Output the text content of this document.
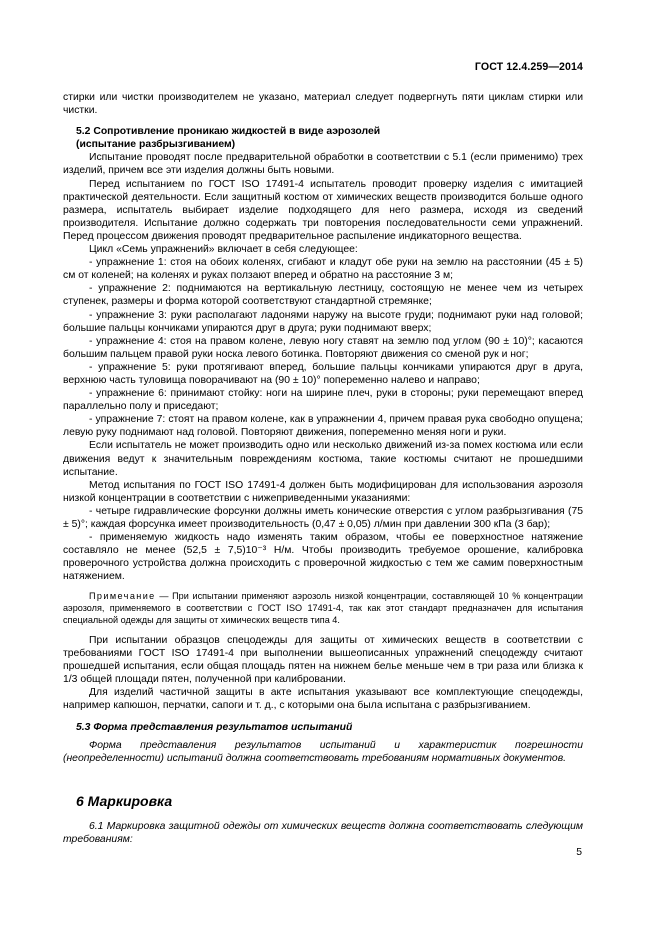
ГОСТ 12.4.259—2014

стирки или чистки производителем не указано, материал следует подвергнуть пяти циклам стирки или чистки.

5.2 Сопротивление проникаю жидкостей в виде аэрозолей

(испытание разбрызгиванием)

Испытание проводят после предварительной обработки в соответствии с 5.1 (если применимо) трех изделий, причем все эти изделия должны быть новыми.

Перед испытанием по ГОСТ ISO 17491-4 испытатель проводит проверку изделия с имитацией практической деятельности. Если защитный костюм от химических веществ производится больше одного размера, испытатель выбирает изделие подходящего для него размера, исходя из сведений производителя. Испытание должно содержать три повторения последовательности семи упражнений. Перед процессом движения проводят предварительное распыление индикаторного вещества.

Цикл «Семь упражнений» включает в себя следующее:

- упражнение 1: стоя на обоих коленях, сгибают и кладут обе руки на землю на расстоянии (45 ± 5) см от коленей; на коленях и руках ползают вперед и обратно на расстояние 3 м;

- упражнение 2: поднимаются на вертикальную лестницу, состоящую не менее чем из четырех ступенек, размеры и форма которой соответствуют стандартной стремянке;

- упражнение 3: руки располагают ладонями наружу на высоте груди; поднимают руки над головой; большие пальцы кончиками упираются друг в друга; руки поднимают вверх;

- упражнение 4: стоя на правом колене, левую ногу ставят на землю под углом (90 ± 10)°; касаются большим пальцем правой руки носка левого ботинка. Повторяют движения со сменой рук и ног;

- упражнение 5: руки протягивают вперед, большие пальцы кончиками упираются друг в друга, верхнюю часть туловища поворачивают на (90 ± 10)° попеременно налево и направо;

- упражнение 6: принимают стойку: ноги на ширине плеч, руки в стороны; руки перемещают вперед параллельно полу и приседают;

- упражнение 7: стоят на правом колене, как в упражнении 4, причем правая рука свободно опущена; левую руку поднимают над головой. Повторяют движения, попеременно меняя ноги и руки.

Если испытатель не может производить одно или несколько движений из-за помех костюма или если движения ведут к значительным повреждениям костюма, такие костюмы считают не прошедшими испытание.

Метод испытания по ГОСТ ISO 17491-4 должен быть модифицирован для использования аэрозоля низкой концентрации в соответствии с нижеприведенными указаниями:

- четыре гидравлические форсунки должны иметь конические отверстия с углом разбрызгивания (75 ± 5)°; каждая форсунка имеет производительность (0,47 ± 0,05) л/мин при давлении 300 кПа (3 бар);

- применяемую жидкость надо изменять таким образом, чтобы ее поверхностное натяжение составляло не менее (52,5 ± 7,5)10⁻³ Н/м. Чтобы производить требуемое орошение, калибровка проверочного устройства должна происходить с проверочной жидкостью с тем же самим поверхностным натяжением.

Примечание — При испытании применяют аэрозоль низкой концентрации, составляющей 10 % концентрации аэрозоля, применяемого в соответствии с ГОСТ ISO 17491-4, так как этот стандарт предназначен для испытания специальной одежды для защиты от химических веществ типа 4.

При испытании образцов спецодежды для защиты от химических веществ в соответствии с требованиями ГОСТ ISO 17491-4 при выполнении вышеописанных упражнений спецодежду считают прошедшей испытания, если общая площадь пятен на нижнем белье меньше чем в три раза или близка к 1/3 общей площади пятен, полученной при калибровании.

Для изделий частичной защиты в акте испытания указывают все комплектующие спецодежды, например капюшон, перчатки, сапоги и т. д., с которыми она была испытана с разбрызгиванием.

5.3 Форма представления результатов испытаний

Форма представления результатов испытаний и характеристик погрешности (неопределенности) испытаний должна соответствовать требованиям нормативных документов.

6 Маркировка

6.1 Маркировка защитной одежды от химических веществ должна соответствовать следующим требованиям:

5
